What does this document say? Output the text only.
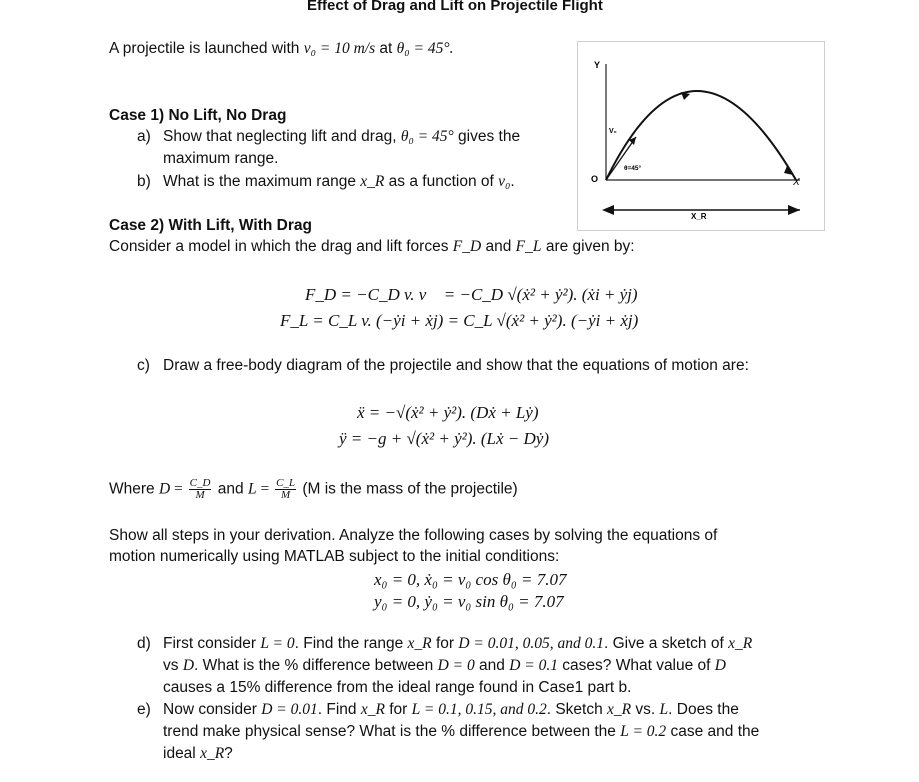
Effect of Drag and Lift on Projectile Flight
A projectile is launched with v₀ = 10 m/s at θ₀ = 45°.
Case 1) No Lift, No Drag
a) Show that neglecting lift and drag, θ₀ = 45° gives the
maximum range.
b) What is the maximum range x_R as a function of v₀.
Y
X
O
V₀
θ=45°
X_R
Case 2) With Lift, With Drag
Consider a model in which the drag and lift forces F_D and F_L are given by:
F_D = −C_D v. v⃗ = −C_D √(ẋ² + ẏ²). (ẋi + ẏj)
F_L = C_L v. (−ẏi + ẋj) = C_L √(ẋ² + ẏ²). (−ẏi + ẋj)
c) Draw a free-body diagram of the projectile and show that the equations of motion are:
ẍ = −√(ẋ² + ẏ²). (Dẋ + Lẏ)
ÿ = −g + √(ẋ² + ẏ²). (Lẋ − Dẏ)
Where $D = \frac{C\_D}{M}$ and $L = \frac{C\_L}{M} (M$ is the mass of the projectile)
Show all steps in your derivation. Analyze the following cases by solving the equations of
motion numerically using MATLAB subject to the initial conditions:
x₀ = 0, ẋ₀ = v₀ cos θ₀ = 7.07
y₀ = 0, ẏ₀ = v₀ sin θ₀ = 7.07
d) First consider L = 0. Find the range x_R for D = 0.01, 0.05, and 0.1. Give a sketch of x_R
vs D. What is the % difference between D = 0 and D = 0.1 cases? What value of D
causes a 15% difference from the ideal range found in Case1 part b.
e) Now consider D = 0.01. Find x_R for L = 0.1, 0.15, and 0.2. Sketch x_R vs. L. Does the
trend make physical sense? What is the % difference between the L = 0.2 case and the
ideal x_R?
